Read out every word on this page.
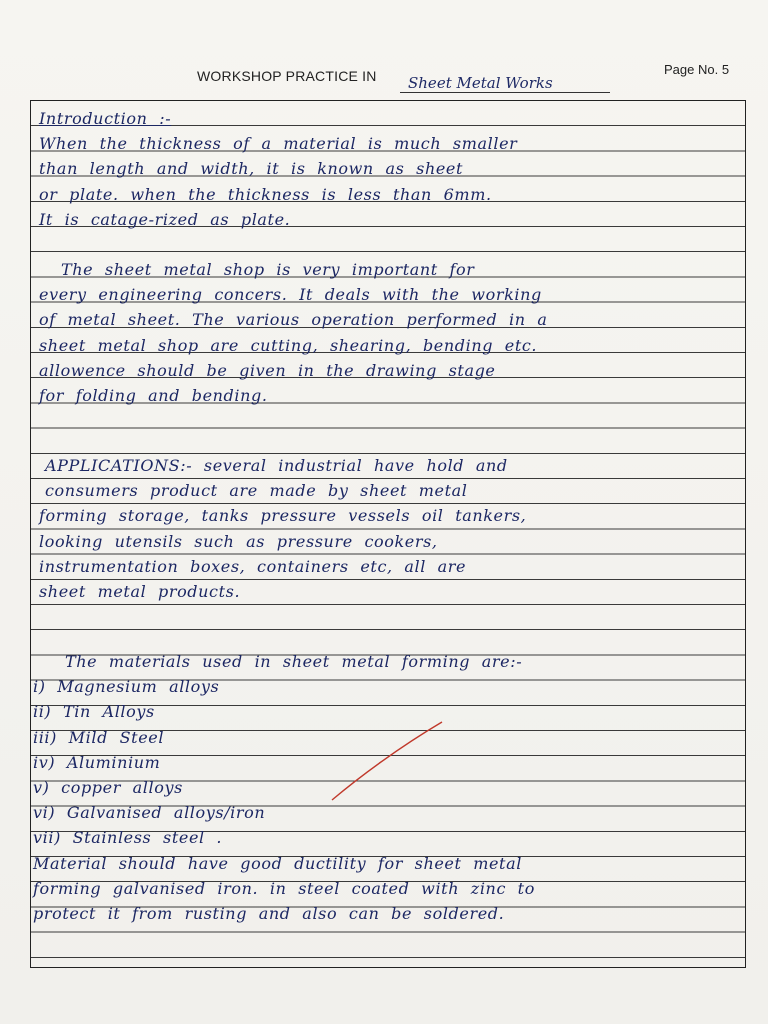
WORKSHOP PRACTICE IN	Sheet Metal Works
Page No. 5
Introduction :-
When the thickness of a material is much smaller
than length and width, it is known as sheet
or plate. when the thickness is less than 6mm.
It is catage-rized as plate.
The sheet metal shop is very important for
every engineering concers. It deals with the working
of metal sheet. The various operation performed in a
sheet metal shop are cutting, shearing, bending etc.
allowence should be given in the drawing stage
for folding and bending.
APPLICATIONS:- several industrial have hold and
consumers product are made by sheet metal
forming storage, tanks pressure vessels oil tankers,
looking utensils such as pressure cookers,
instrumentation boxes, containers etc, all are
sheet metal products.
The materials used in sheet metal forming are:-
i) Magnesium alloys
ii) Tin Alloys
iii) Mild Steel
iv) Aluminium
v) copper alloys
vi) Galvanised alloys/iron
vii) Stainless steel .
Material should have good ductility for sheet metal
forming galvanised iron. in steel coated with zinc to
protect it from rusting and also can be soldered.
